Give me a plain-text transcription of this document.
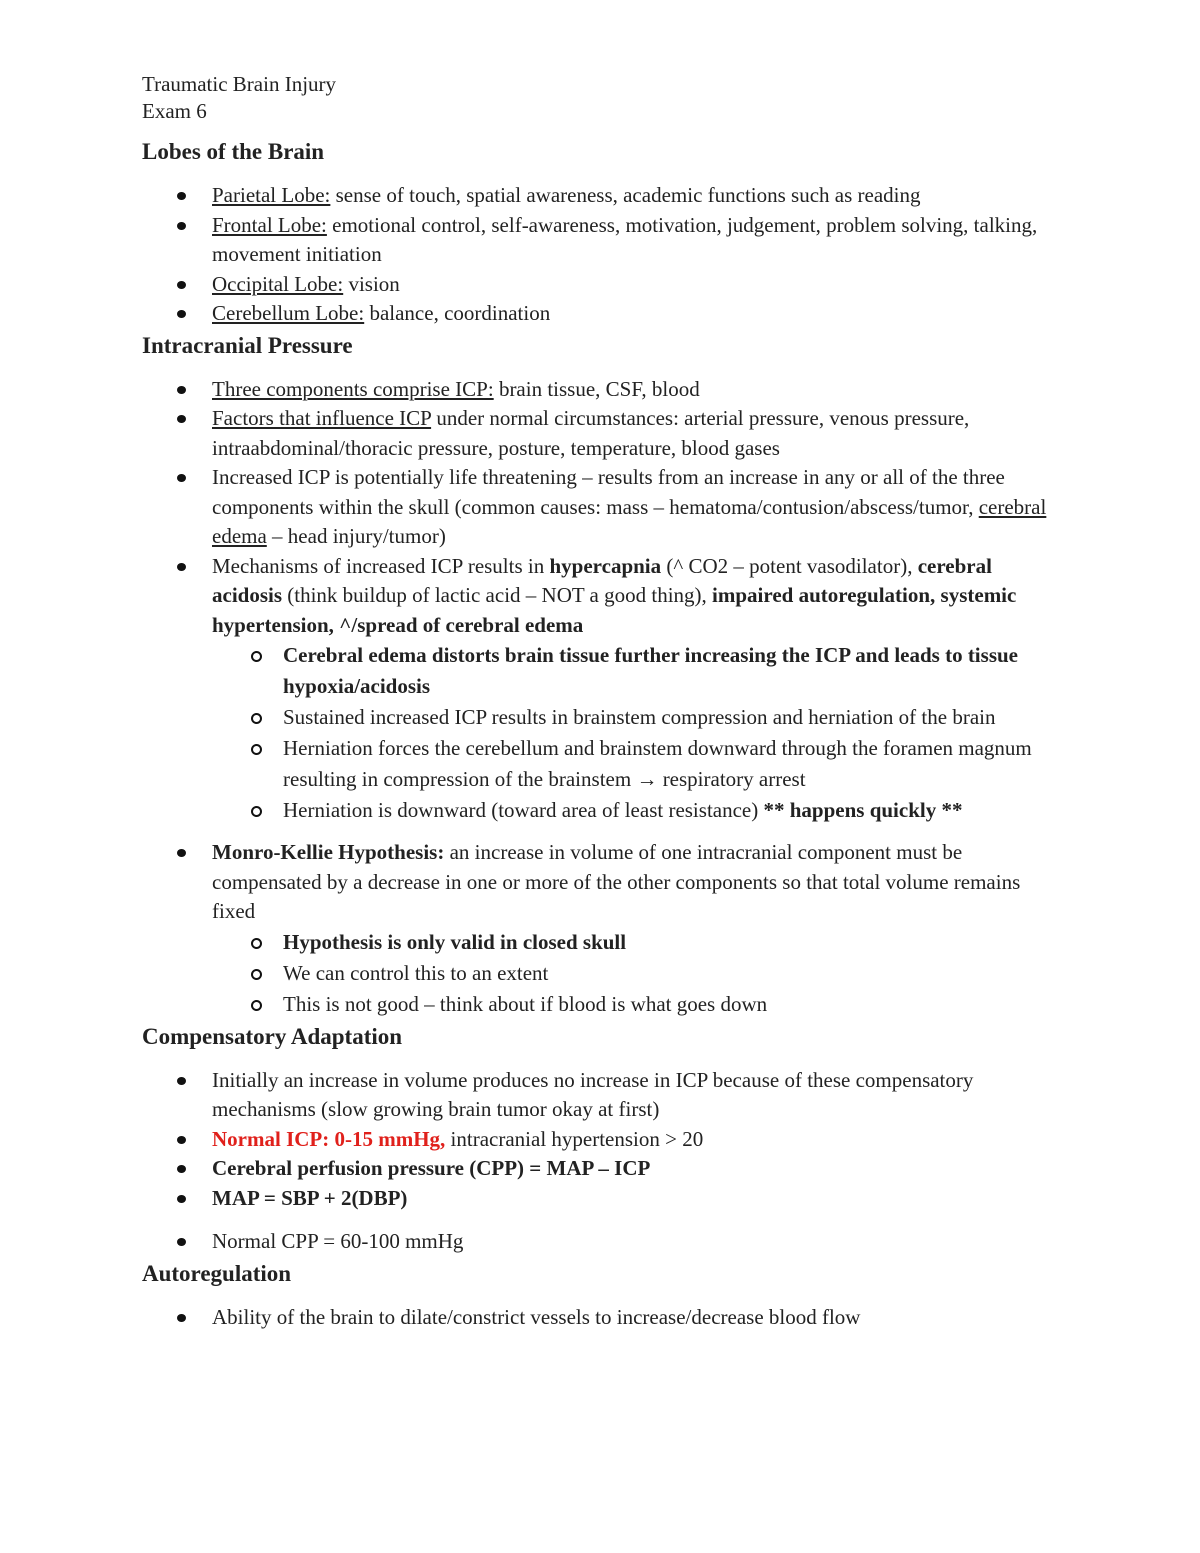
Traumatic Brain Injury

Exam 6

Lobes of the Brain
Parietal Lobe: sense of touch, spatial awareness, academic functions such as reading
Frontal Lobe: emotional control, self-awareness, motivation, judgement, problem solving, talking, movement initiation
Occipital Lobe: vision
Cerebellum Lobe: balance, coordination
Intracranial Pressure
Three components comprise ICP: brain tissue, CSF, blood
Factors that influence ICP under normal circumstances: arterial pressure, venous pressure, intraabdominal/thoracic pressure, posture, temperature, blood gases
Increased ICP is potentially life threatening – results from an increase in any or all of the three components within the skull (common causes: mass – hematoma/contusion/abscess/tumor, cerebral edema – head injury/tumor)
Mechanisms of increased ICP results in hypercapnia (^ CO2 – potent vasodilator), cerebral acidosis (think buildup of lactic acid – NOT a good thing), impaired autoregulation, systemic hypertension, ^/spread of cerebral edema
Cerebral edema distorts brain tissue further increasing the ICP and leads to tissue hypoxia/acidosis
Sustained increased ICP results in brainstem compression and herniation of the brain
Herniation forces the cerebellum and brainstem downward through the foramen magnum resulting in compression of the brainstem → respiratory arrest
Herniation is downward (toward area of least resistance) ** happens quickly **
Monro-Kellie Hypothesis: an increase in volume of one intracranial component must be compensated by a decrease in one or more of the other components so that total volume remains fixed
Hypothesis is only valid in closed skull
We can control this to an extent
This is not good – think about if blood is what goes down
Compensatory Adaptation
Initially an increase in volume produces no increase in ICP because of these compensatory mechanisms (slow growing brain tumor okay at first)
Normal ICP: 0-15 mmHg, intracranial hypertension > 20
Cerebral perfusion pressure (CPP) = MAP – ICP
MAP = SBP + 2(DBP)
Normal CPP = 60-100 mmHg
Autoregulation
Ability of the brain to dilate/constrict vessels to increase/decrease blood flow
